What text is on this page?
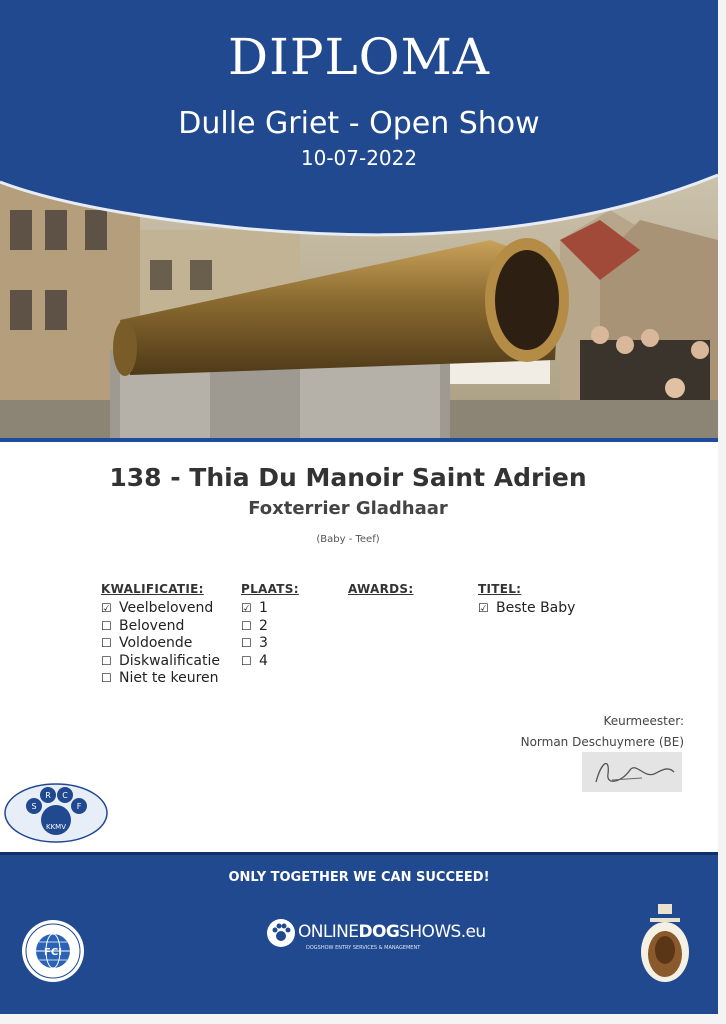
DIPLOMA
Dulle Griet - Open Show
10-07-2022
138 - Thia Du Manoir Saint Adrien
Foxterrier Gladhaar
(Baby - Teef)
KWALIFICATIE:
☑ Veelbelovend
☐ Belovend
☐ Voldoende
☐ Diskwalificatie
☐ Niet te keuren
PLAATS:
☑ 1
☐ 2
☐ 3
☐ 4
AWARDS:	TITEL:
☑ Beste Baby
Keurmeester:
Norman Deschuymere (BE)
S
R C
F
KKMV
ONLY TOGETHER WE CAN SUCCEED!
FCI
ONLINEDOGSHOWS.eu
DOGSHOW ENTRY SERVICES & MANAGEMENT
